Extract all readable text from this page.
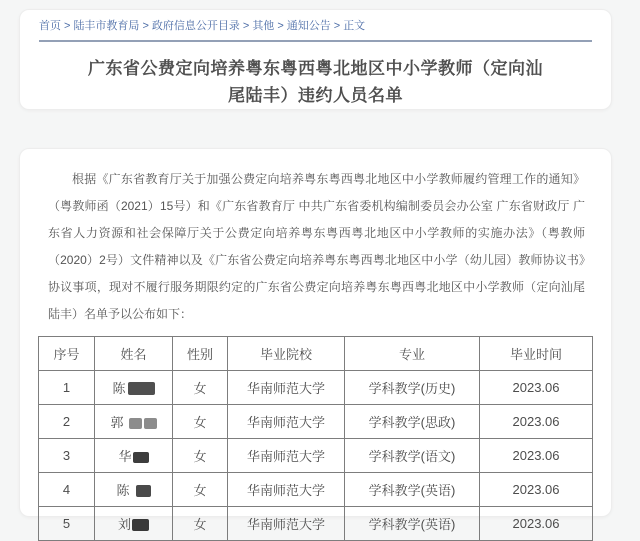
首页 > 陆丰市教育局 > 政府信息公开目录 > 其他 > 通知公告 > 正文
广东省公费定向培养粤东粤西粤北地区中小学教师（定向汕尾陆丰）违约人员名单

根据《广东省教育厅关于加强公费定向培养粤东粤西粤北地区中小学教师履约管理工作的通知》（粤教师函（2021）15号）和《广东省教育厅 中共广东省委机构编制委员会办公室 广东省财政厅 广东省人力资源和社会保障厅关于公费定向培养粤东粤西粤北地区中小学教师的实施办法》（粤教师（2020）2号）文件精神以及《广东省公费定向培养粤东粤西粤北地区中小学（幼儿园）教师协议书》协议事项，现对不履行服务期限约定的广东省公费定向培养粤东粤西粤北地区中小学教师（定向汕尾陆丰）名单予以公布如下：

序号	姓名	性别	毕业院校	专业	毕业时间
1	陈	女	华南师范大学	学科教学(历史)	2023.06
2	郭	女	华南师范大学	学科教学(思政)	2023.06
3	华	女	华南师范大学	学科教学(语文)	2023.06
4	陈	女	华南师范大学	学科教学(英语)	2023.06
5	刘	女	华南师范大学	学科教学(英语)	2023.06
